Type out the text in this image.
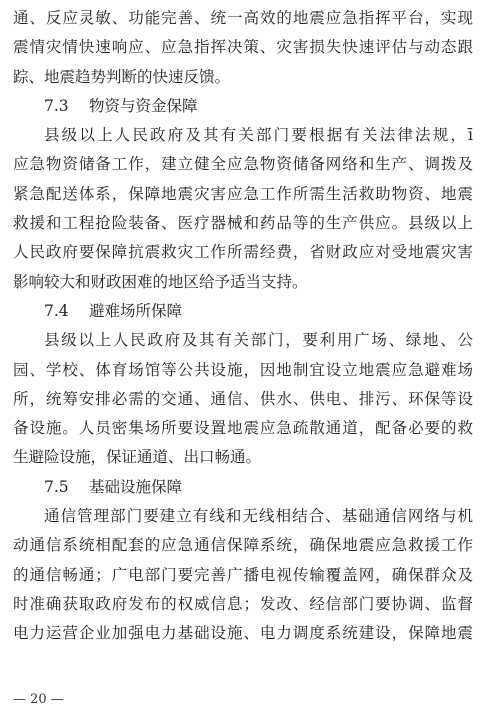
通、反应灵敏、功能完善、统一高效的地震应急指挥平台，实现
震情灾情快速响应、应急指挥决策、灾害损失快速评估与动态跟
踪、地震趋势判断的快速反馈。
7.3 物资与资金保障
县级以上人民政府及其有关部门要根据有关法律法规，ī
应急物资储备工作，建立健全应急物资储备网络和生产、调拨及
紧急配送体系，保障地震灾害应急工作所需生活救助物资、地震
救援和工程抢险装备、医疗器械和药品等的生产供应。县级以上
人民政府要保障抗震救灾工作所需经费，省财政应对受地震灾害
影响较大和财政困难的地区给予适当支持。
7.4 避难场所保障
县级以上人民政府及其有关部门，要利用广场、绿地、公
园、学校、体育场馆等公共设施，因地制宜设立地震应急避难场
所，统筹安排必需的交通、通信、供水、供电、排污、环保等设
备设施。人员密集场所要设置地震应急疏散通道，配备必要的救
生避险设施，保证通道、出口畅通。
7.5 基础设施保障
通信管理部门要建立有线和无线相结合、基础通信网络与机
动通信系统相配套的应急通信保障系统，确保地震应急救援工作
的通信畅通；广电部门要完善广播电视传输覆盖网，确保群众及
时准确获取政府发布的权威信息；发改、经信部门要协调、监督
电力运营企业加强电力基础设施、电力调度系统建设，保障地震
— 20 —
